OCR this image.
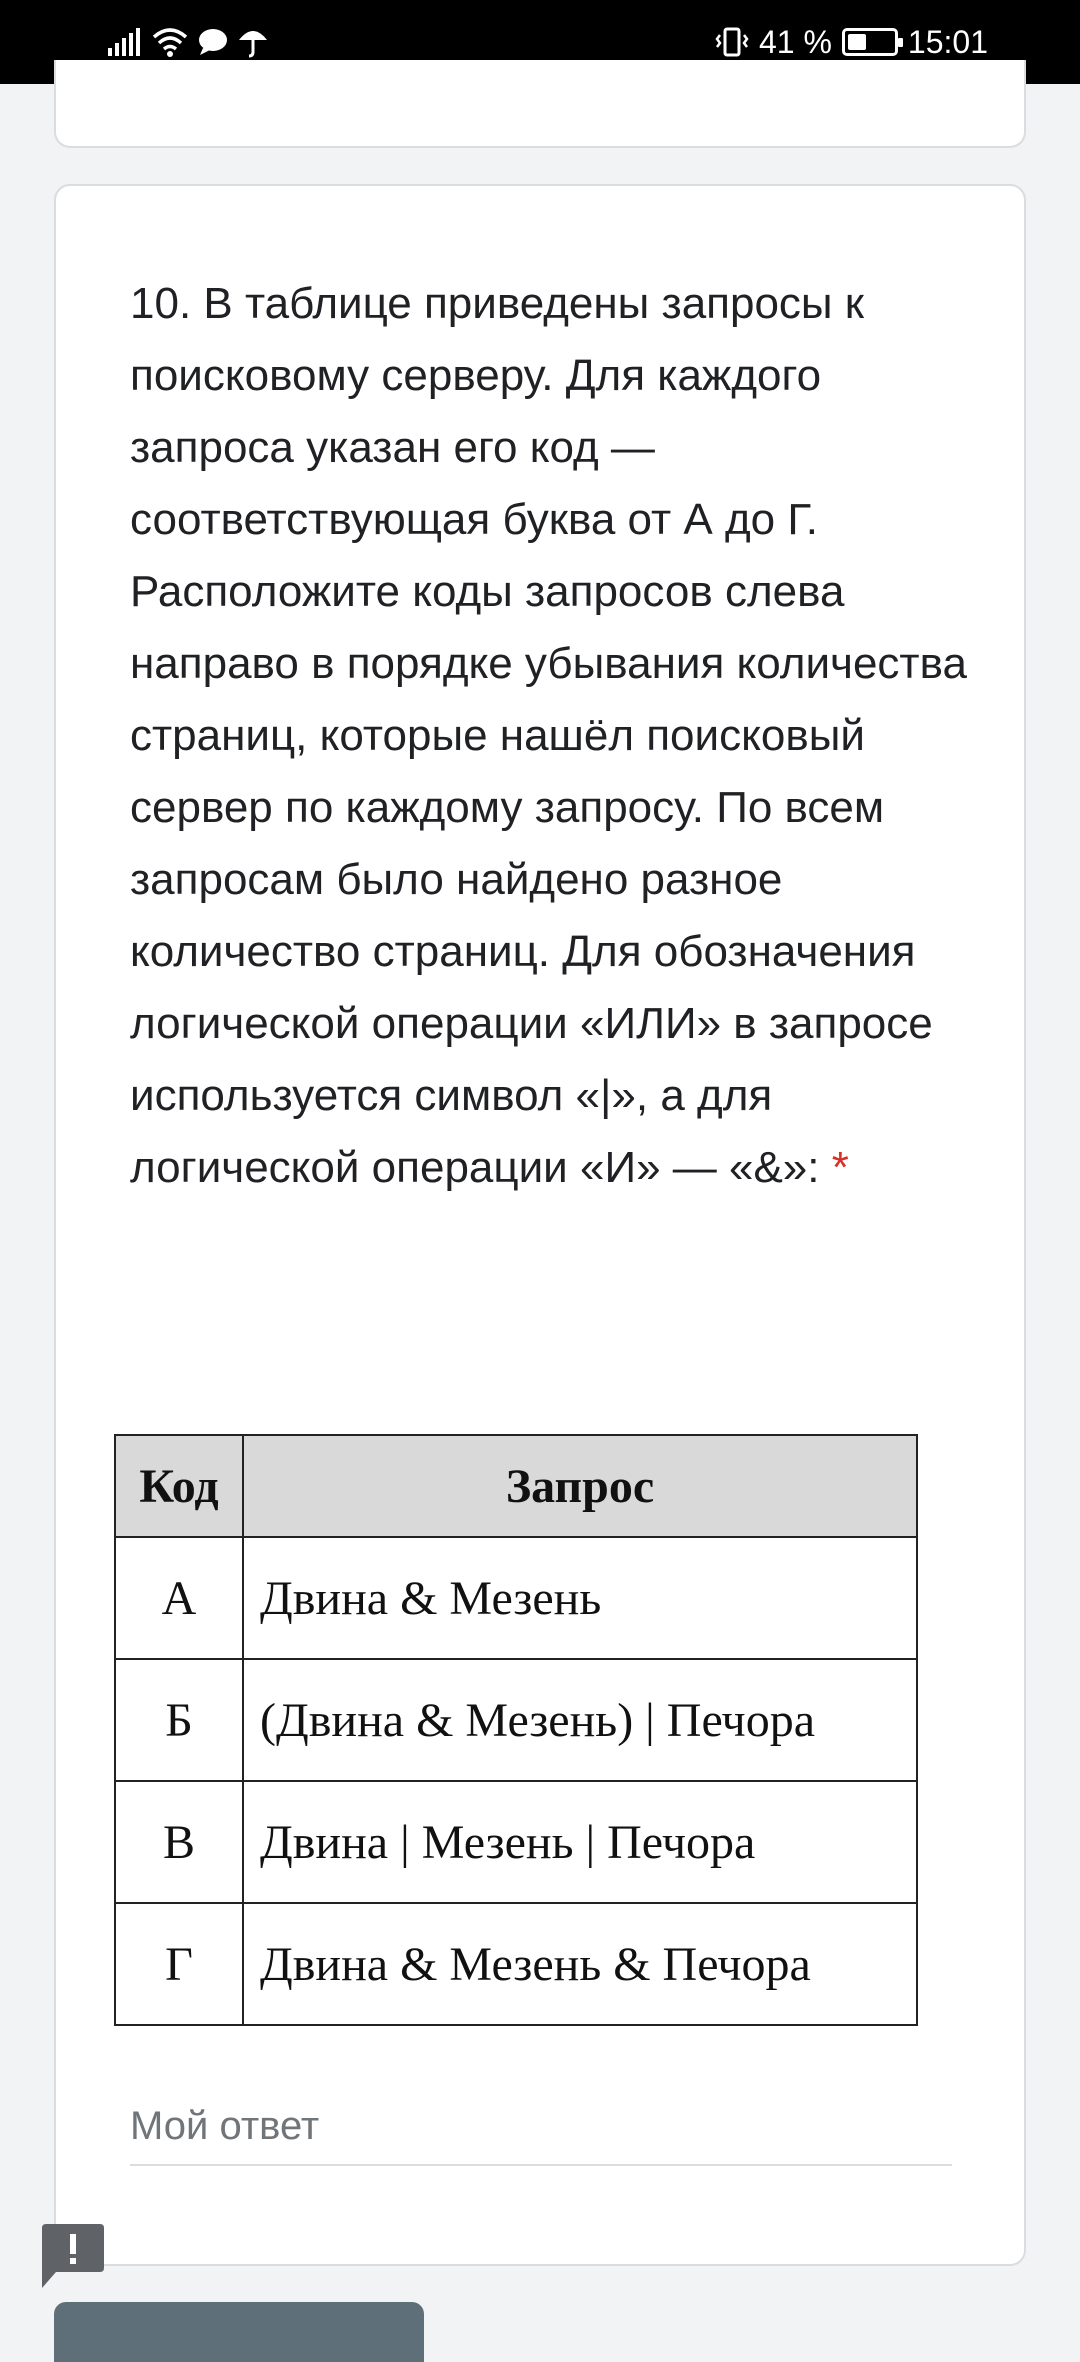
41 % 15:01
10. В таблице приведены запросы к поисковому серверу. Для каждого запроса указан его код — соответствующая буква от А до Г. Расположите коды запросов слева направо в порядке убывания количества страниц, которые нашёл поисковый сервер по каждому запросу. По всем запросам было найдено разное количество страниц. Для обозначения логической операции «ИЛИ» в запросе используется символ «|», а для логической операции «И» — «&»: *
Код	Запрос
А	Двина & Мезень
Б	(Двина & Мезень) | Печора
В	Двина | Мезень | Печора
Г	Двина & Мезень & Печора
Мой ответ
